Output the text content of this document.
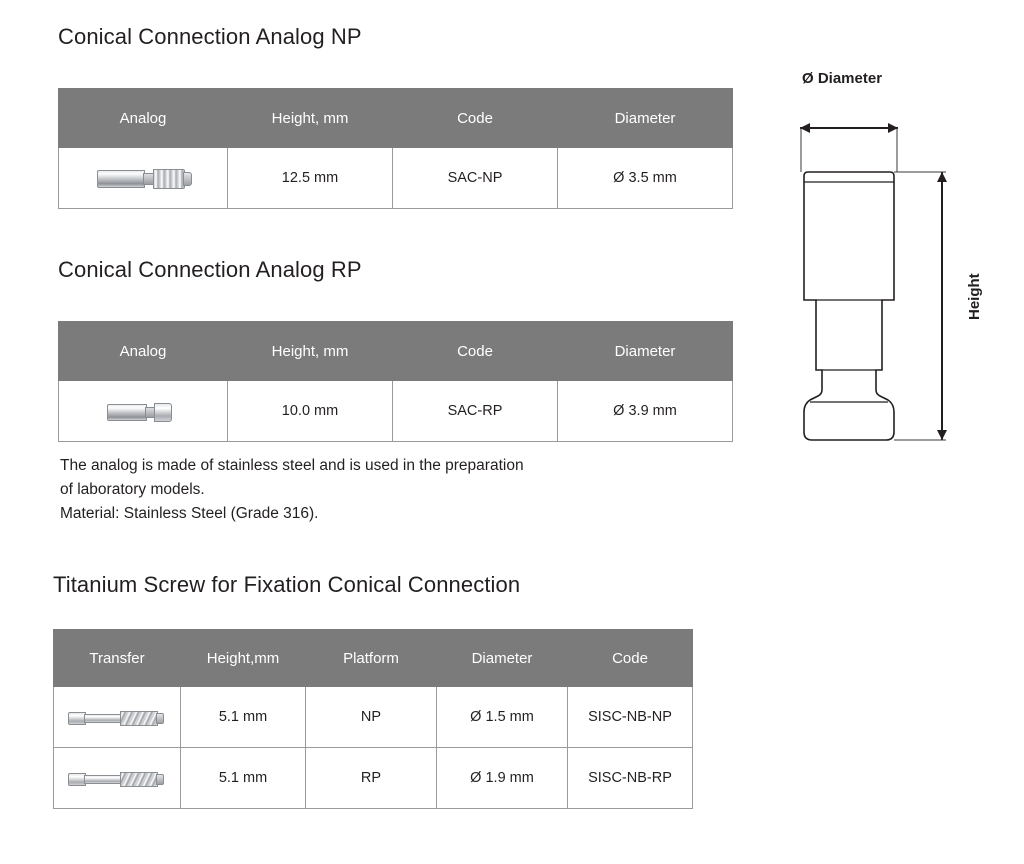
Conical Connection Analog NP
Analog	Height, mm	Code	Diameter

	12.5 mm	SAC-NP	Ø 3.5 mm
Conical Connection Analog RP
Analog	Height, mm	Code	Diameter

	10.0 mm	SAC-RP	Ø 3.9 mm
The analog is made of stainless steel and is used in the preparation
of laboratory models.
Material: Stainless Steel (Grade 316).
Titanium Screw for Fixation Conical Connection
Transfer	Height,mm	Platform	Diameter	Code

	5.1 mm	NP	Ø 1.5 mm	SISC-NB-NP

	5.1 mm	RP	Ø 1.9 mm	SISC-NB-RP
Ø Diameter
Height
